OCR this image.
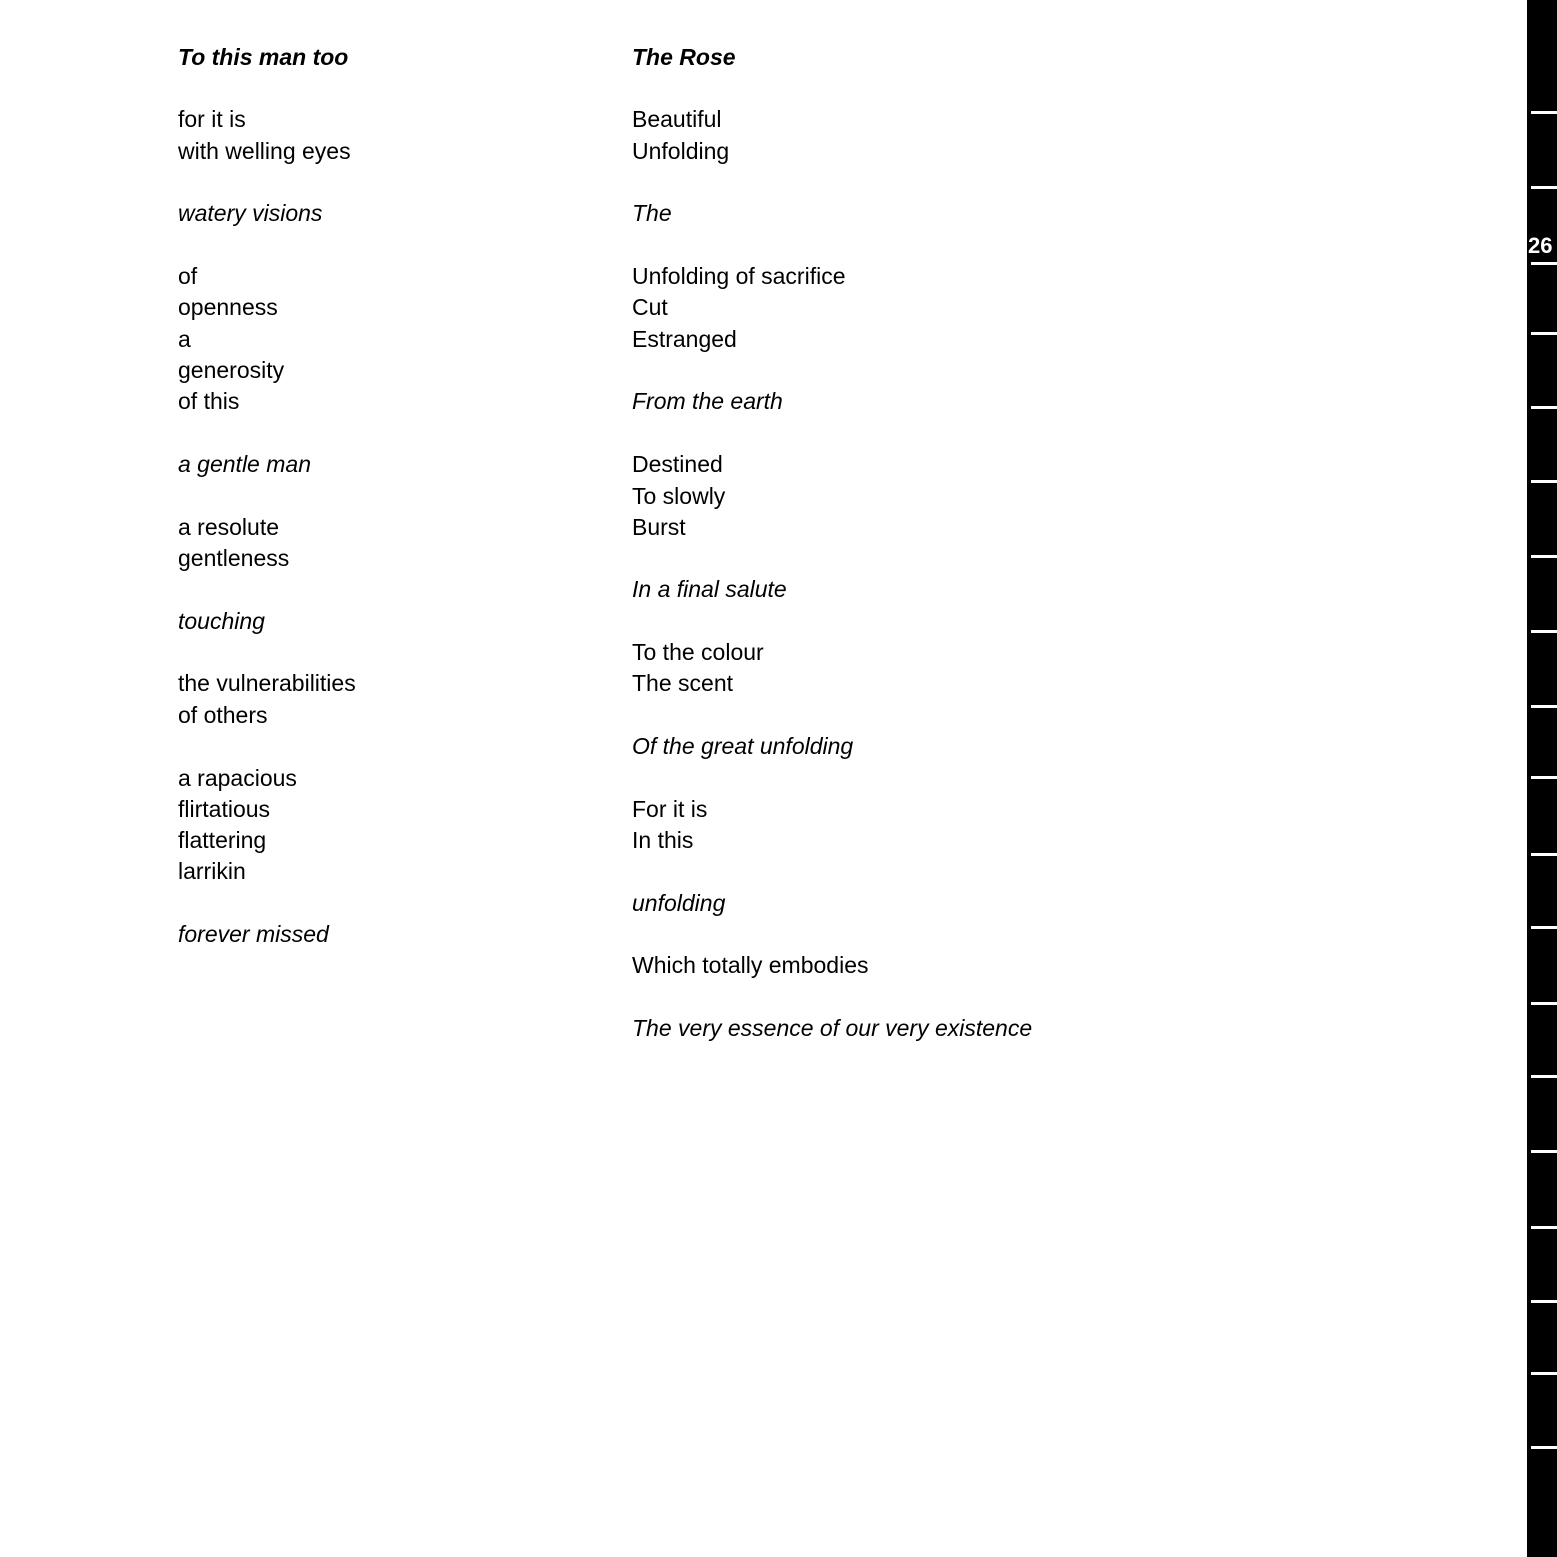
To this man too
for it is
with welling eyes
watery visions
of
openness
a
generosity
of this
a gentle man
a resolute
gentleness
touching
the vulnerabilities
of others
a rapacious
flirtatious
flattering
larrikin
forever missed
The Rose
Beautiful
Unfolding
The
Unfolding of sacrifice
Cut
Estranged
From the earth
Destined
To slowly
Burst
In a final salute
To the colour
The scent
Of the great unfolding
For it is
In this
unfolding
Which totally embodies
The very essence of our very existence
26
